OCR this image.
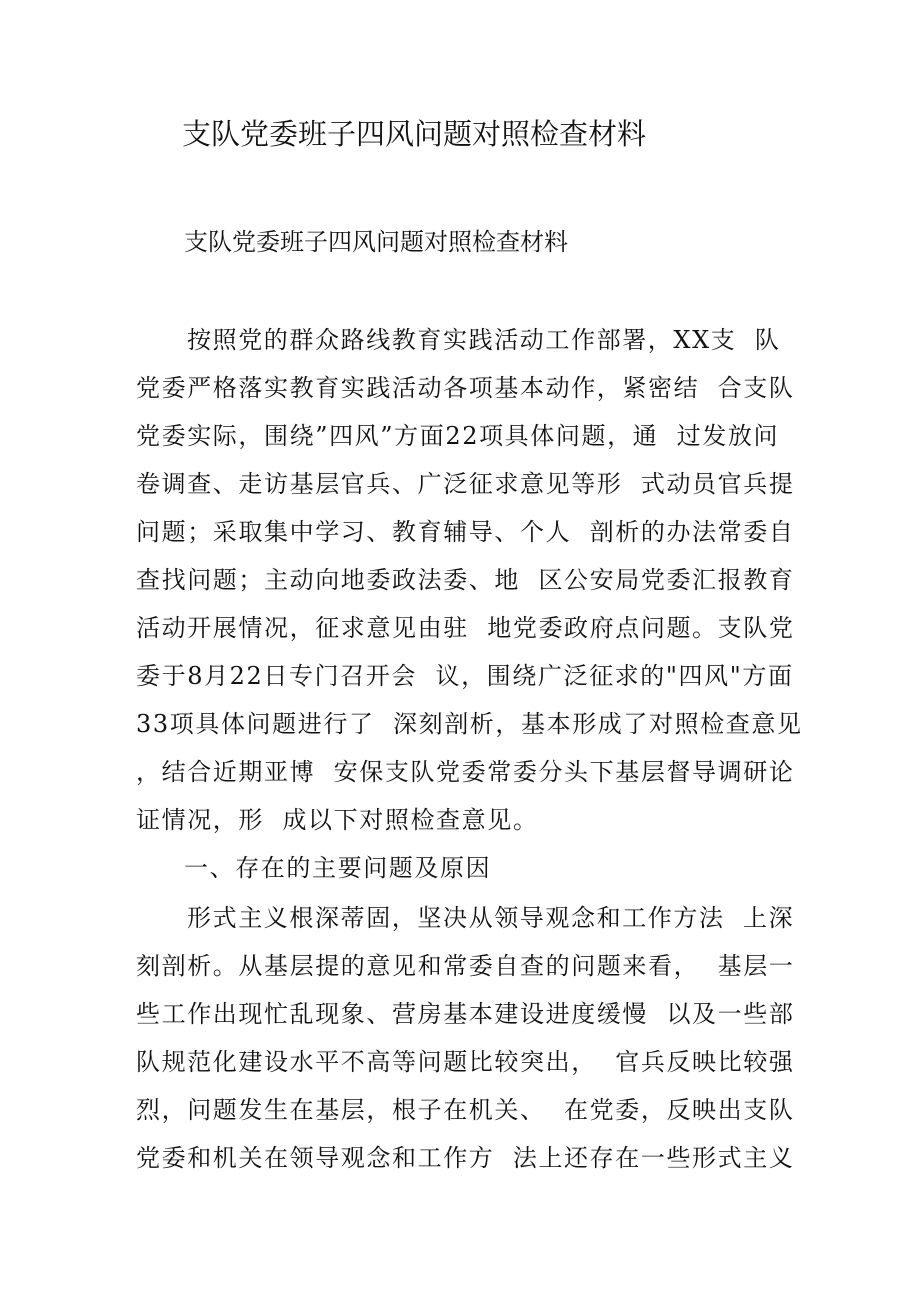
支队党委班子四风问题对照检查材料
支队党委班子四风问题对照检查材料
按照党的群众路线教育实践活动工作部署，XX支  队
党委严格落实教育实践活动各项基本动作，紧密结  合支队
党委实际，围绕”四风”方面22项具体问题，通  过发放问
卷调查、走访基层官兵、广泛征求意见等形  式动员官兵提
问题；采取集中学习、教育辅导、个人  剖析的办法常委自
查找问题；主动向地委政法委、地  区公安局党委汇报教育
活动开展情况，征求意见由驻  地党委政府点问题。支队党
委于8月22日专门召开会  议，围绕广泛征求的"四风"方面
33项具体问题进行了  深刻剖析，基本形成了对照检查意见
，结合近期亚博  安保支队党委常委分头下基层督导调研论
证情况，形  成以下对照检查意见。
一、存在的主要问题及原因
形式主义根深蒂固，坚决从领导观念和工作方法  上深
刻剖析。从基层提的意见和常委自查的问题来看，  基层一
些工作出现忙乱现象、营房基本建设进度缓慢  以及一些部
队规范化建设水平不高等问题比较突出，  官兵反映比较强
烈，问题发生在基层，根子在机关、  在党委，反映出支队
党委和机关在领导观念和工作方  法上还存在一些形式主义
